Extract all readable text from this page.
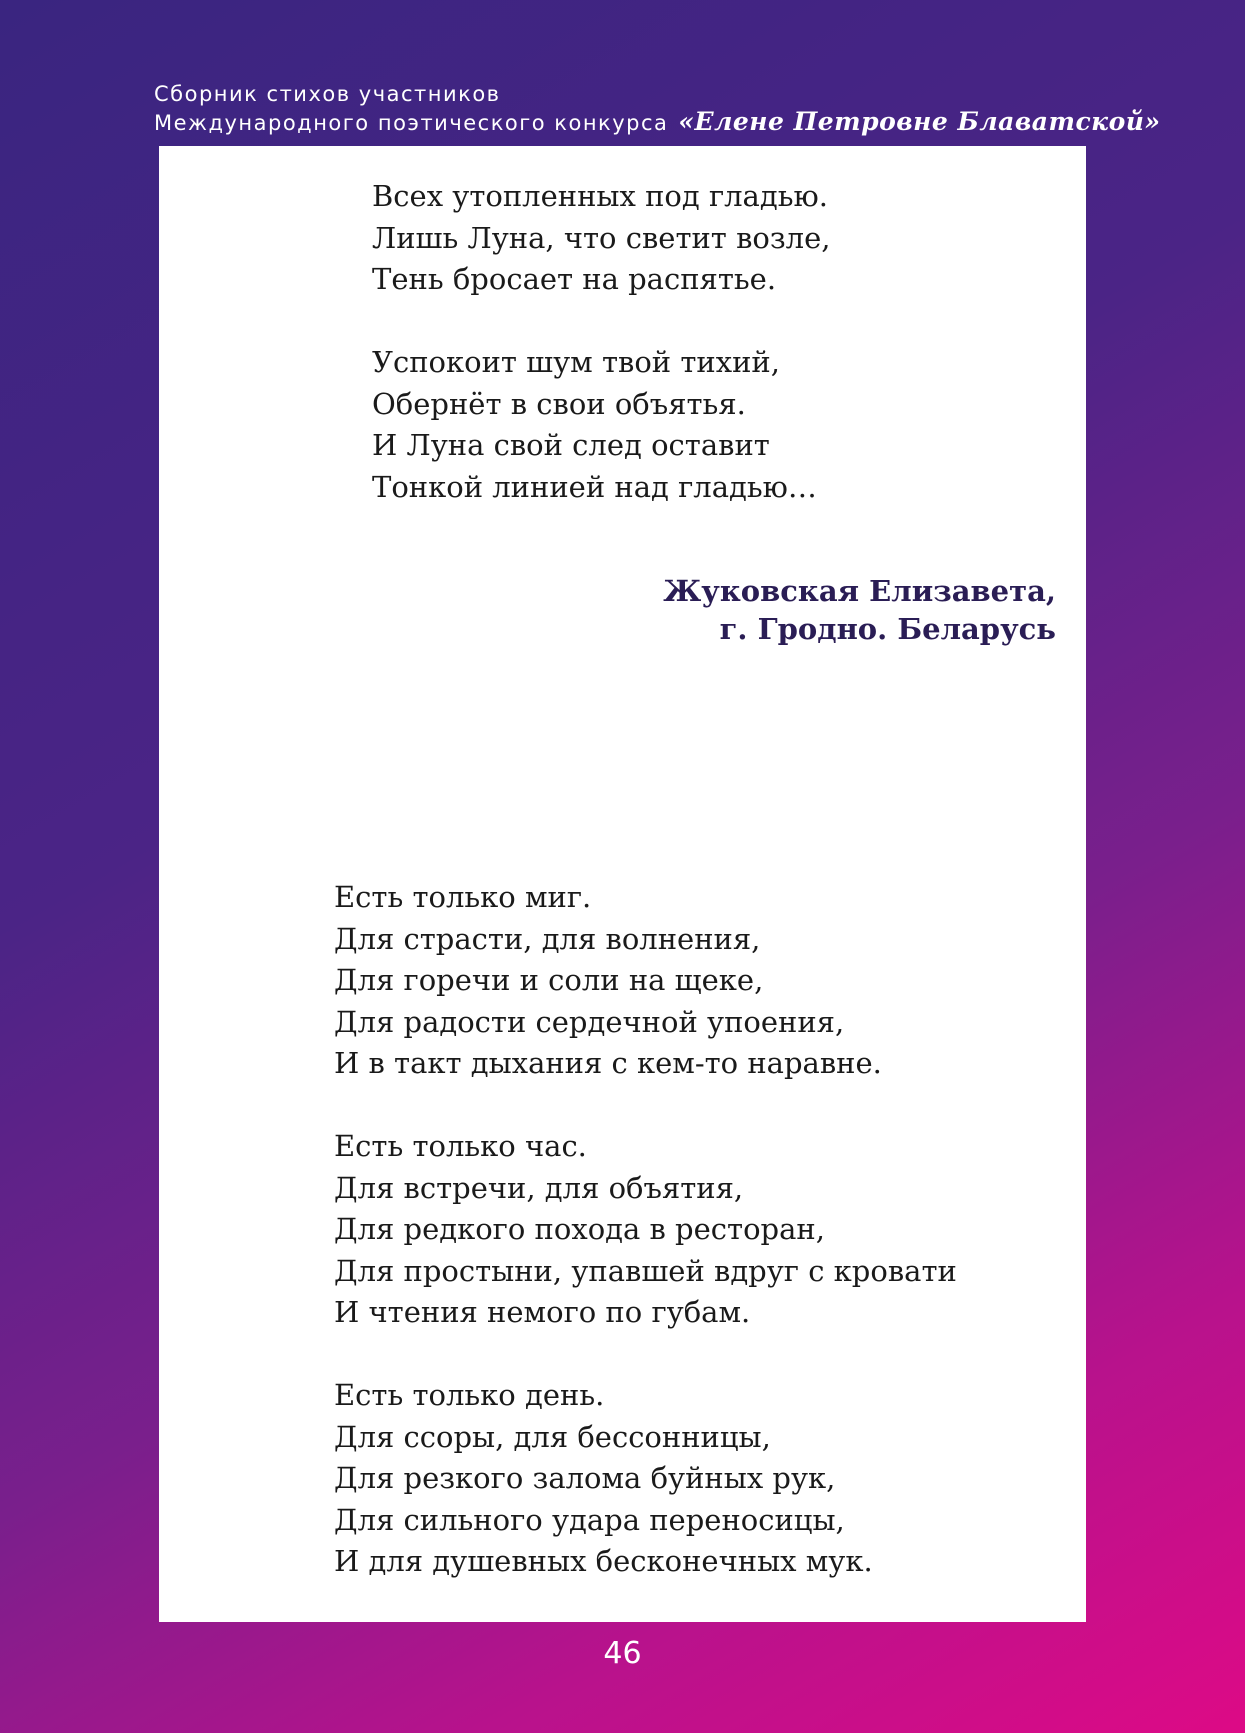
Сборник стихов участников
Международного поэтического конкурса «Елене Петровне Блаватской»

Всех утопленных под гладью.
Лишь Луна, что светит возле,
Тень бросает на распятье.

Успокоит шум твой тихий,
Обернёт в свои объятья.
И Луна свой след оставит
Тонкой линией над гладью…

Жуковская Елизавета,
г. Гродно. Беларусь

Есть только миг.
Для страсти, для волнения,
Для горечи и соли на щеке,
Для радости сердечной упоения,
И в такт дыхания с кем-то наравне.

Есть только час.
Для встречи, для объятия,
Для редкого похода в ресторан,
Для простыни, упавшей вдруг с кровати
И чтения немого по губам.

Есть только день.
Для ссоры, для бессонницы,
Для резкого залома буйных рук,
Для сильного удара переносицы,
И для душевных бесконечных мук.

46
